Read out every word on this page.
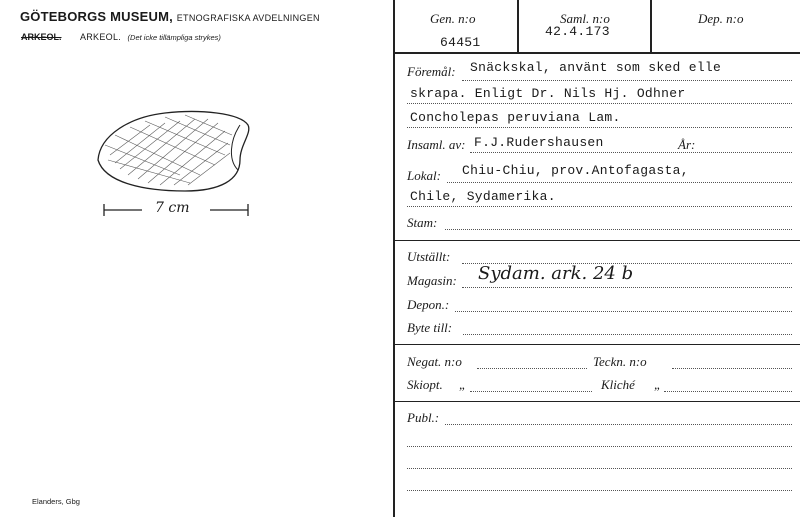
GÖTEBORGS MUSEUM, ETNOGRAFISKA AVDELNINGEN
ARKEOL. ARKEOL. (Det icke tillämpliga strykes)
7 cm
Elanders, Gbg
Gen. n:o
64451
Saml. n:o
42.4.173
Dep. n:o
Föremål: Snäckskal, använt som sked elle
skrapa. Enligt Dr. Nils Hj. Odhner
Concholepas peruviana Lam.
Insaml. av: F.J.Rudershausen	År:
Lokal: Chiu-Chiu, prov.Antofagasta,
Chile, Sydamerika.
Stam:
Utställt:
Magasin: Sydam. ark. 24 b
Depon.:
Byte till:
Negat. n:o	Teckn. n:o
Skiopt. „	Kliché „
Publ.:
